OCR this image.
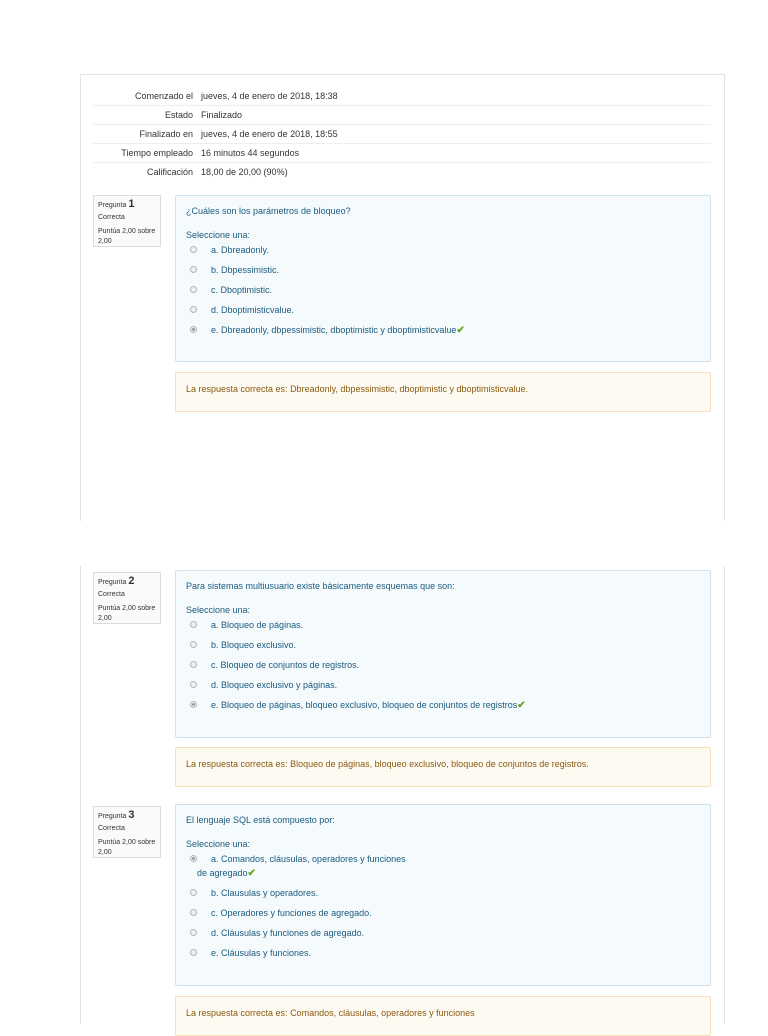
Comenzado el jueves, 4 de enero de 2018, 18:38
Estado Finalizado
Finalizado en jueves, 4 de enero de 2018, 18:55
Tiempo empleado 16 minutos 44 segundos
Calificación 18,00 de 20,00 (90%)
Pregunta 1
Correcta
Puntúa 2,00 sobre 2,00
¿Cuáles son los parámetros de bloqueo?
Seleccione una:
a. Dbreadonly.
b. Dbpessimistic.
c. Dboptimistic.
d. Dboptimisticvalue.
e. Dbreadonly, dbpessimistic, dboptimistic y dboptimisticvalue✔
La respuesta correcta es: Dbreadonly, dbpessimistic, dboptimistic y dboptimisticvalue.
Pregunta 2
Correcta
Puntúa 2,00 sobre 2,00
Para sistemas multiusuario existe básicamente esquemas que son:
Seleccione una:
a. Bloqueo de páginas.
b. Bloqueo exclusivo.
c. Bloqueo de conjuntos de registros.
d. Bloqueo exclusivo y páginas.
e. Bloqueo de páginas, bloqueo exclusivo, bloqueo de conjuntos de registros✔
La respuesta correcta es: Bloqueo de páginas, bloqueo exclusivo, bloqueo de conjuntos de registros.
Pregunta 3
Correcta
Puntúa 2,00 sobre 2,00
El lenguaje SQL está compuesto por:
Seleccione una:
a. Comandos, cláusulas, operadores y funciones
de agregado✔
b. Clausulas y operadores.
c. Operadores y funciones de agregado.
d. Cláusulas y funciones de agregado.
e. Cláusulas y funciones.
La respuesta correcta es: Comandos, cláusulas, operadores y funciones
